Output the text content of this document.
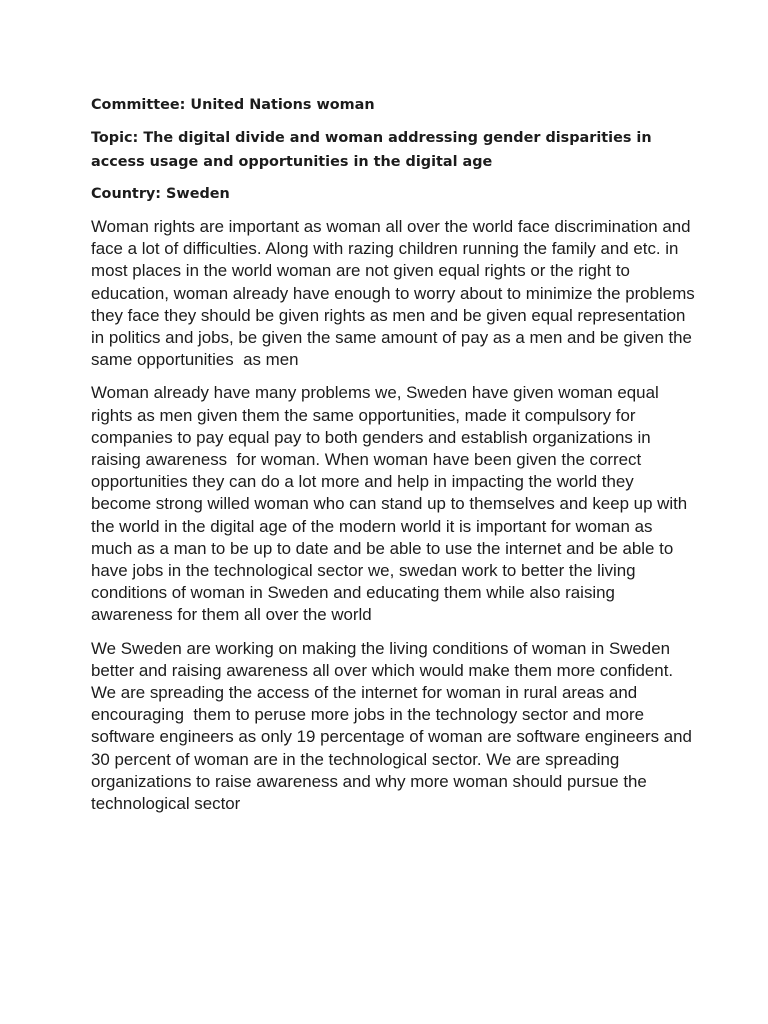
Committee: United Nations woman

Topic: The digital divide and woman addressing gender disparities in access usage and opportunities in the digital age

Country: Sweden

Woman rights are important as woman all over the world face discrimination and face a lot of difficulties. Along with razing children running the family and etc. in most places in the world woman are not given equal rights or the right to education, woman already have enough to worry about to minimize the problems they face they should be given rights as men and be given equal representation in politics and jobs, be given the same amount of pay as a men and be given the same opportunities  as men

Woman already have many problems we, Sweden have given woman equal rights as men given them the same opportunities, made it compulsory for companies to pay equal pay to both genders and establish organizations in raising awareness  for woman. When woman have been given the correct opportunities they can do a lot more and help in impacting the world they become strong willed woman who can stand up to themselves and keep up with the world in the digital age of the modern world it is important for woman as much as a man to be up to date and be able to use the internet and be able to have jobs in the technological sector we, swedan work to better the living conditions of woman in Sweden and educating them while also raising awareness for them all over the world

We Sweden are working on making the living conditions of woman in Sweden better and raising awareness all over which would make them more confident. We are spreading the access of the internet for woman in rural areas and encouraging  them to peruse more jobs in the technology sector and more software engineers as only 19 percentage of woman are software engineers and 30 percent of woman are in the technological sector. We are spreading organizations to raise awareness and why more woman should pursue the technological sector
